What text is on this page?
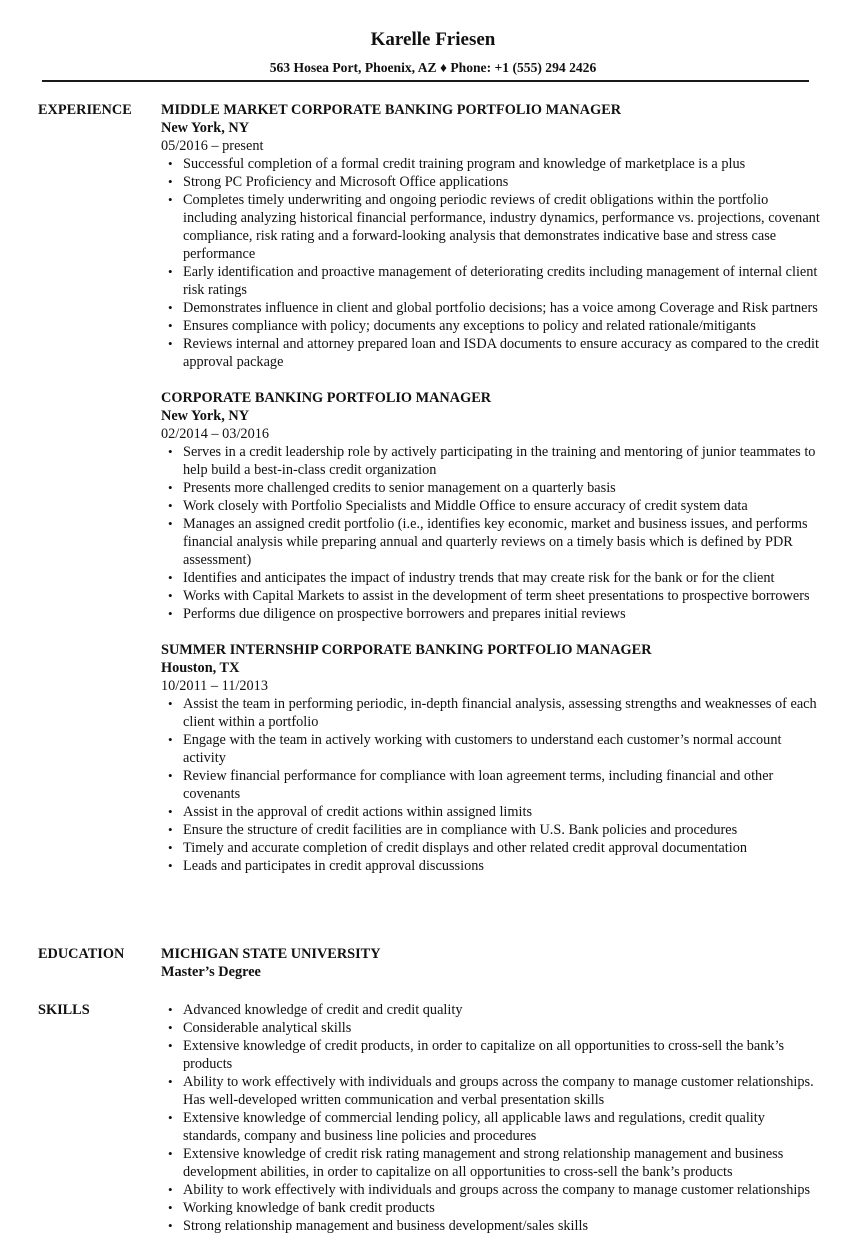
Karelle Friesen
563 Hosea Port, Phoenix, AZ ♦ Phone: +1 (555) 294 2426
EXPERIENCE MIDDLE MARKET CORPORATE BANKING PORTFOLIO MANAGER
New York, NY
05/2016 – present
• Successful completion of a formal credit training program and knowledge of marketplace is a plus
• Strong PC Proficiency and Microsoft Office applications
• Completes timely underwriting and ongoing periodic reviews of credit obligations within the portfolio including analyzing historical financial performance, industry dynamics, performance vs. projections, covenant compliance, risk rating and a forward-looking analysis that demonstrates indicative base and stress case performance
• Early identification and proactive management of deteriorating credits including management of internal client risk ratings
• Demonstrates influence in client and global portfolio decisions; has a voice among Coverage and Risk partners
• Ensures compliance with policy; documents any exceptions to policy and related rationale/mitigants
• Reviews internal and attorney prepared loan and ISDA documents to ensure accuracy as compared to the credit approval package
CORPORATE BANKING PORTFOLIO MANAGER
New York, NY
02/2014 – 03/2016
• Serves in a credit leadership role by actively participating in the training and mentoring of junior teammates to help build a best-in-class credit organization
• Presents more challenged credits to senior management on a quarterly basis
• Work closely with Portfolio Specialists and Middle Office to ensure accuracy of credit system data
• Manages an assigned credit portfolio (i.e., identifies key economic, market and business issues, and performs financial analysis while preparing annual and quarterly reviews on a timely basis which is defined by PDR assessment)
• Identifies and anticipates the impact of industry trends that may create risk for the bank or for the client
• Works with Capital Markets to assist in the development of term sheet presentations to prospective borrowers
• Performs due diligence on prospective borrowers and prepares initial reviews
SUMMER INTERNSHIP CORPORATE BANKING PORTFOLIO MANAGER
Houston, TX
10/2011 – 11/2013
• Assist the team in performing periodic, in-depth financial analysis, assessing strengths and weaknesses of each client within a portfolio
• Engage with the team in actively working with customers to understand each customer’s normal account activity
• Review financial performance for compliance with loan agreement terms, including financial and other covenants
• Assist in the approval of credit actions within assigned limits
• Ensure the structure of credit facilities are in compliance with U.S. Bank policies and procedures
• Timely and accurate completion of credit displays and other related credit approval documentation
• Leads and participates in credit approval discussions
EDUCATION	MICHIGAN STATE UNIVERSITY
Master’s Degree
SKILLS
•	Advanced knowledge of credit and credit quality
• Considerable analytical skills
• Extensive knowledge of credit products, in order to capitalize on all opportunities to cross-sell the bank’s products
• Ability to work effectively with individuals and groups across the company to manage customer relationships. Has well-developed written communication and verbal presentation skills
• Extensive knowledge of commercial lending policy, all applicable laws and regulations, credit quality standards, company and business line policies and procedures
• Extensive knowledge of credit risk rating management and strong relationship management and business development abilities, in order to capitalize on all opportunities to cross-sell the bank’s products
• Ability to work effectively with individuals and groups across the company to manage customer relationships
• Working knowledge of bank credit products
• Strong relationship management and business development/sales skills
